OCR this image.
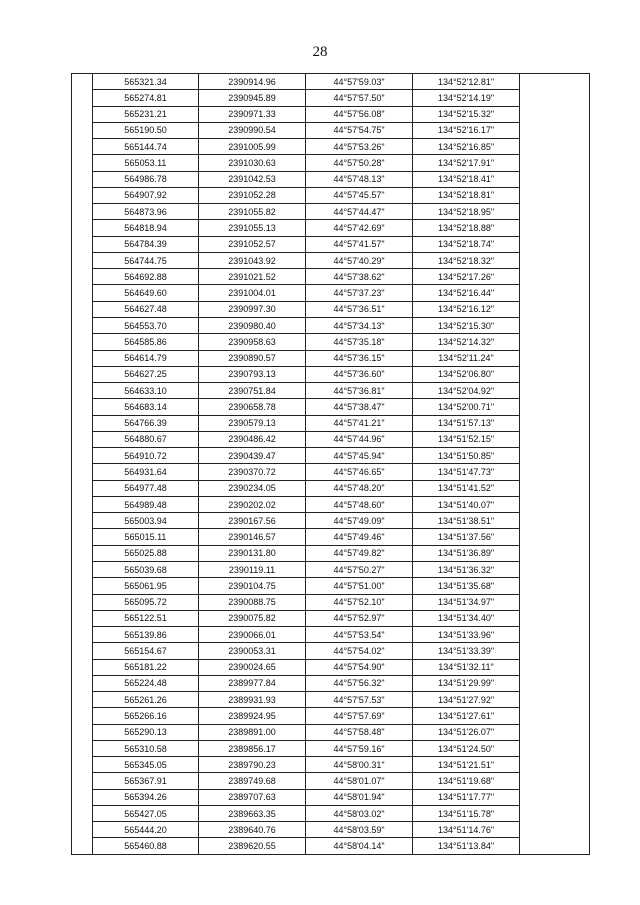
28
	565321.34	2390914.96	44°57'59.03"	134°52'12.81"	
	565274.81	2390945.89	44°57'57.50"	134°52'14.19"	
	565231.21	2390971.33	44°57'56.08"	134°52'15.32"	
	565190.50	2390990.54	44°57'54.75"	134°52'16.17"	
	565144.74	2391005.99	44°57'53.26"	134°52'16.85"	
	565053.11	2391030.63	44°57'50.28"	134°52'17.91"	
	564986.78	2391042.53	44°57'48.13"	134°52'18.41"	
	564907.92	2391052.28	44°57'45.57"	134°52'18.81"	
	564873.96	2391055.82	44°57'44.47"	134°52'18.95"	
	564818.94	2391055.13	44°57'42.69"	134°52'18.88"	
	564784.39	2391052.57	44°57'41.57"	134°52'18.74"	
	564744.75	2391043.92	44°57'40.29"	134°52'18.32"	
	564692.88	2391021.52	44°57'38.62"	134°52'17.26"	
	564649.60	2391004.01	44°57'37.23"	134°52'16.44"	
	564627.48	2390997.30	44°57'36.51"	134°52'16.12"	
	564553.70	2390980.40	44°57'34.13"	134°52'15.30"	
	564585.86	2390958.63	44°57'35.18"	134°52'14.32"	
	564614.79	2390890.57	44°57'36.15"	134°52'11.24"	
	564627.25	2390793.13	44°57'36.60"	134°52'06.80"	
	564633.10	2390751.84	44°57'36.81"	134°52'04.92"	
	564683.14	2390658.78	44°57'38.47"	134°52'00.71"	
	564766.39	2390579.13	44°57'41.21"	134°51'57.13"	
	564880.67	2390486.42	44°57'44.96"	134°51'52.15"	
	564910.72	2390439.47	44°57'45.94"	134°51'50.85"	
	564931.64	2390370.72	44°57'46.65"	134°51'47.73"	
	564977.48	2390234.05	44°57'48.20"	134°51'41.52"	
	564989.48	2390202.02	44°57'48.60"	134°51'40.07"	
	565003.94	2390167.56	44°57'49.09"	134°51'38.51"	
	565015.11	2390146.57	44°57'49.46"	134°51'37.56"	
	565025.88	2390131.80	44°57'49.82"	134°51'36.89"	
	565039.68	2390119.11	44°57'50.27"	134°51'36.32"	
	565061.95	2390104.75	44°57'51.00"	134°51'35.68"	
	565095.72	2390088.75	44°57'52.10"	134°51'34.97"	
	565122.51	2390075.82	44°57'52.97"	134°51'34.40"	
	565139.86	2390066.01	44°57'53.54"	134°51'33.96"	
	565154.67	2390053.31	44°57'54.02"	134°51'33.39"	
	565181.22	2390024.65	44°57'54.90"	134°51'32.11"	
	565224.48	2389977.84	44°57'56.32"	134°51'29.99"	
	565261.26	2389931.93	44°57'57.53"	134°51'27.92"	
	565266.16	2389924.95	44°57'57.69"	134°51'27.61"	
	565290.13	2389891.00	44°57'58.48"	134°51'26.07"	
	565310.58	2389856.17	44°57'59.16"	134°51'24.50"	
	565345.05	2389790.23	44°58'00.31"	134°51'21.51"	
	565367.91	2389749.68	44°58'01.07"	134°51'19.68"	
	565394.26	2389707.63	44°58'01.94"	134°51'17.77"	
	565427.05	2389663.35	44°58'03.02"	134°51'15.78"	
	565444.20	2389640.76	44°58'03.59"	134°51'14.76"	
	565460.88	2389620.55	44°58'04.14"	134°51'13.84"	
